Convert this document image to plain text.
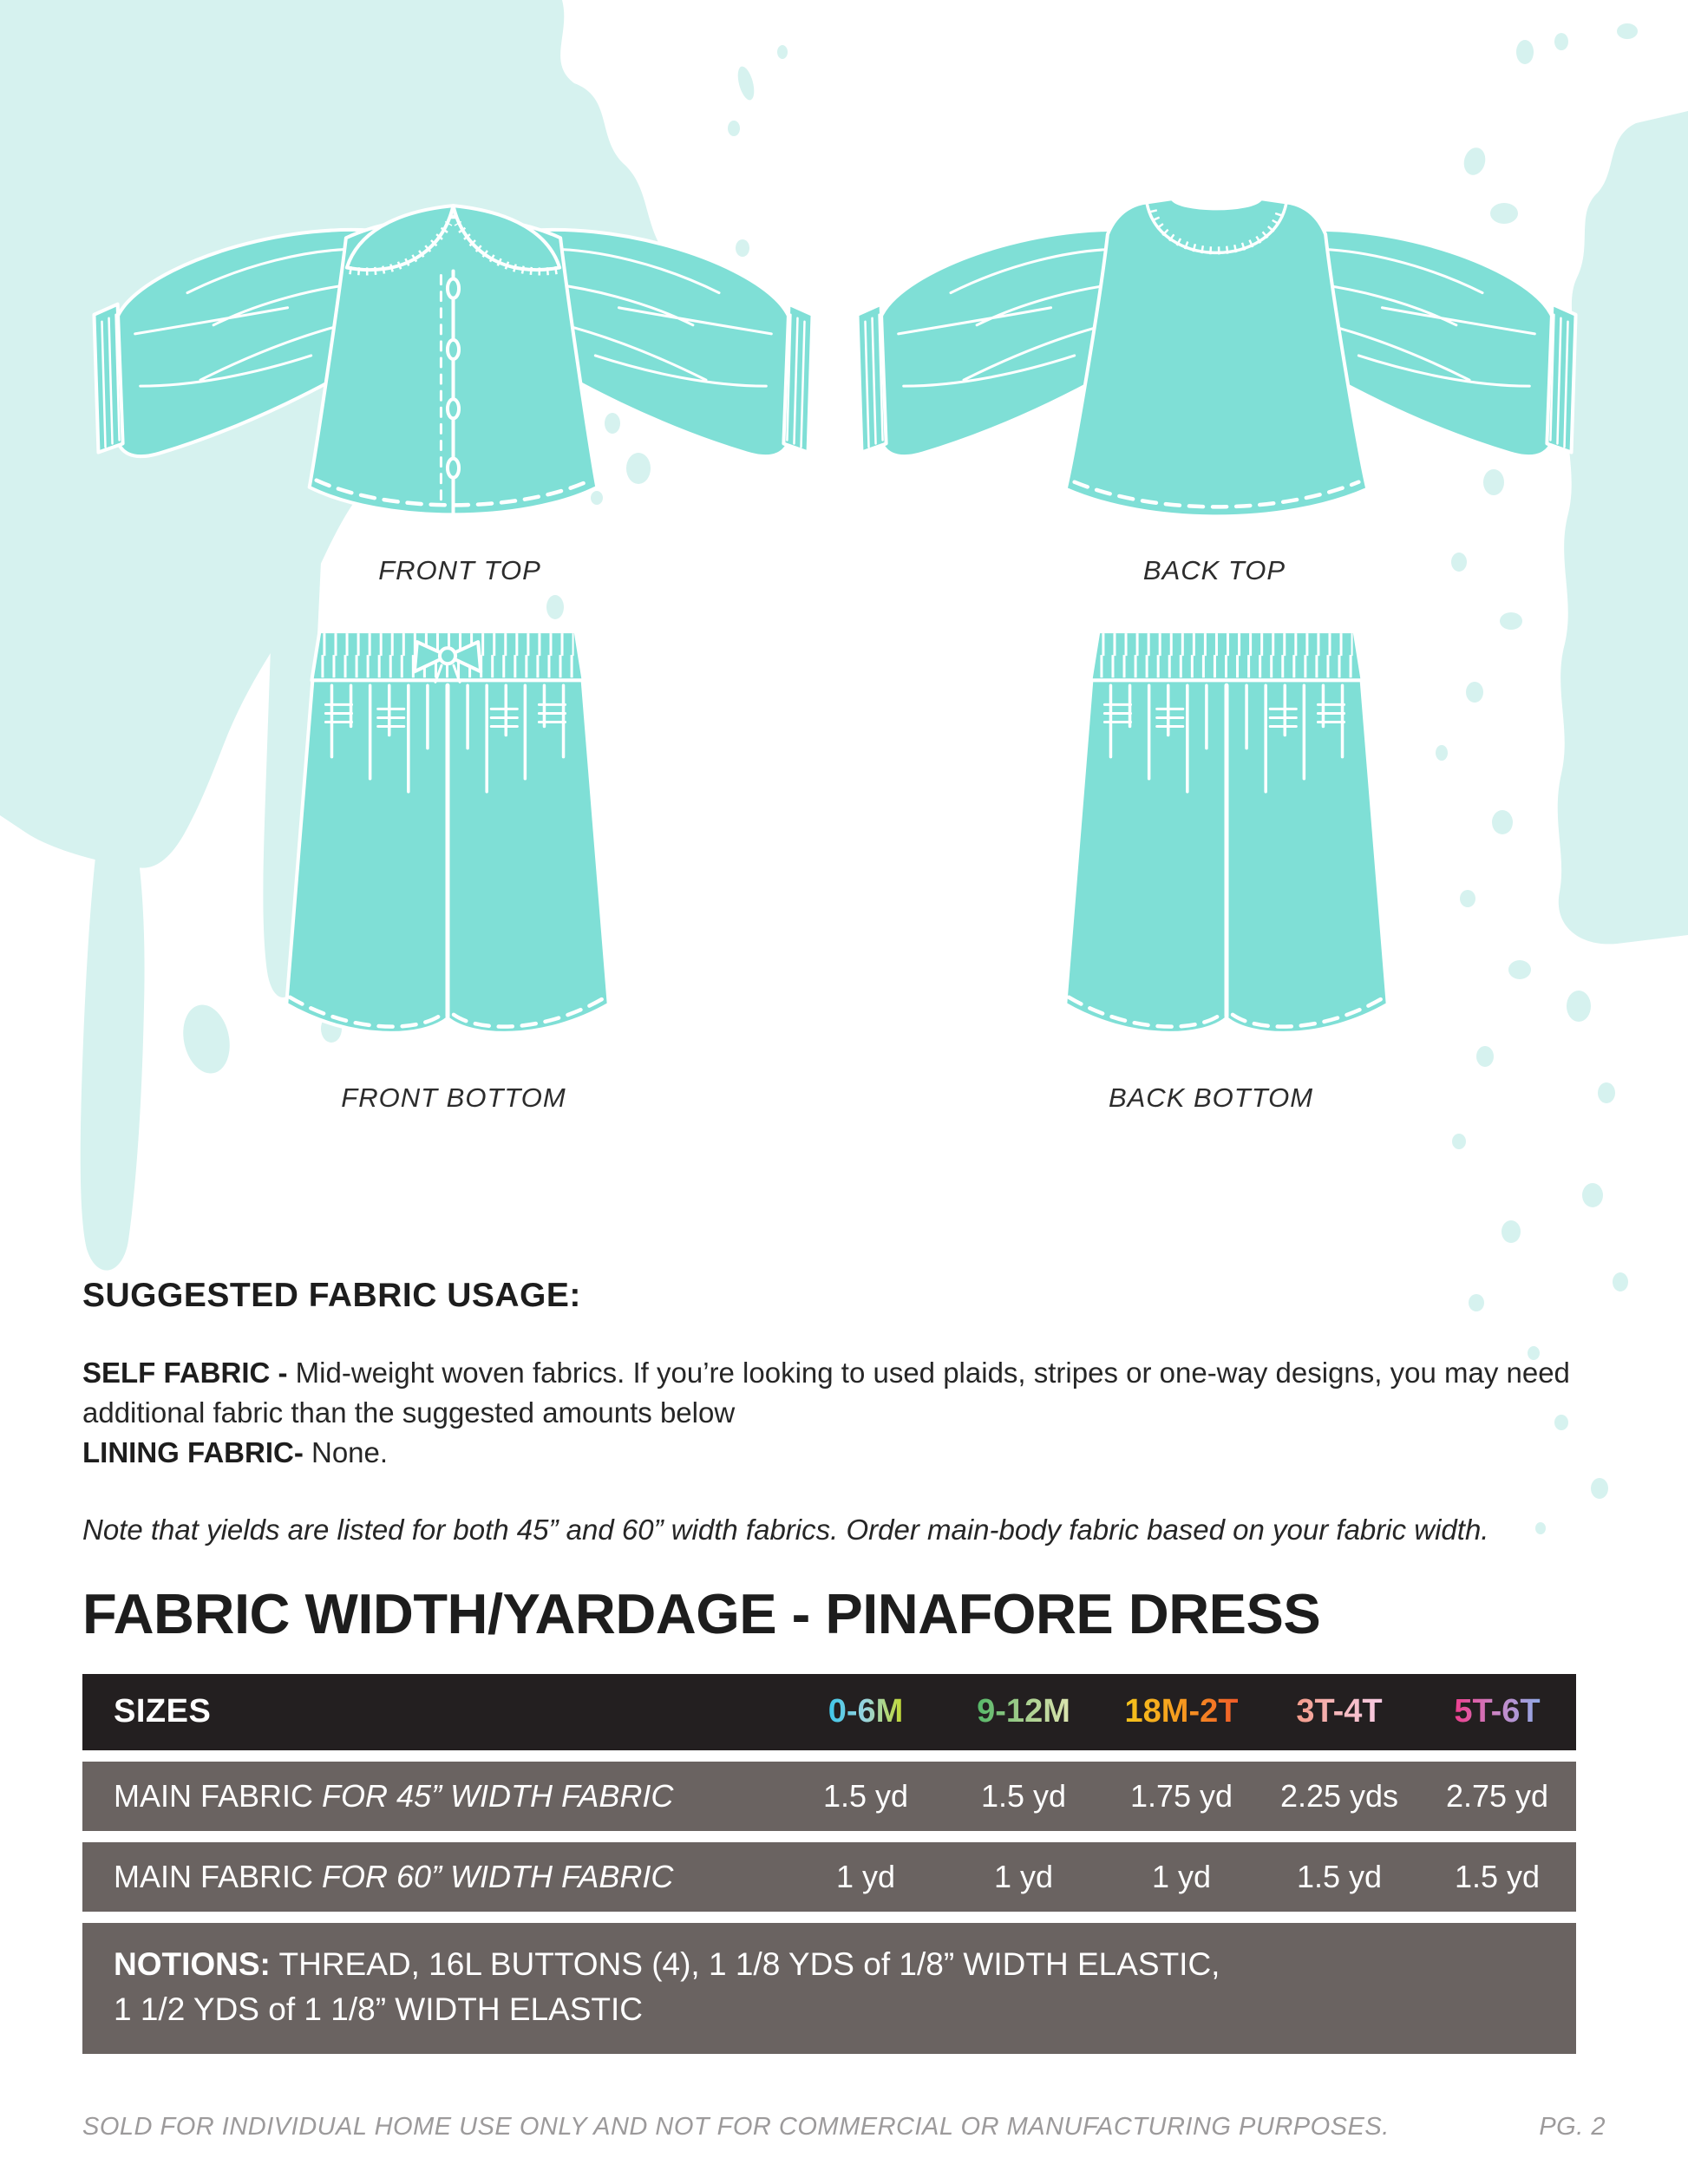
FRONT TOP	BACK TOP
FRONT BOTTOM	BACK BOTTOM
SUGGESTED FABRIC USAGE:

SELF FABRIC - Mid-weight woven fabrics. If you’re looking to used plaids, stripes or one-way designs, you may need additional fabric than the suggested amounts below

LINING FABRIC- None.

Note that yields are listed for both 45” and 60” width fabrics. Order main-body fabric based on your fabric width.

FABRIC WIDTH/YARDAGE - PINAFORE DRESS
SIZES	0-6M	9-12M	18M-2T	3T-4T	5T-6T
MAIN FABRIC FOR 45” WIDTH FABRIC	1.5 yd	1.5 yd	1.75 yd	2.25 yds	2.75 yd
MAIN FABRIC FOR 60” WIDTH FABRIC	1 yd	1 yd	1 yd	1.5 yd	1.5 yd
NOTIONS: THREAD, 16L BUTTONS (4), 1 1/8 YDS of 1/8” WIDTH ELASTIC,
1 1/2 YDS of 1 1/8” WIDTH ELASTIC
SOLD FOR INDIVIDUAL HOME USE ONLY AND NOT FOR COMMERCIAL OR MANUFACTURING PURPOSES.	PG. 2
